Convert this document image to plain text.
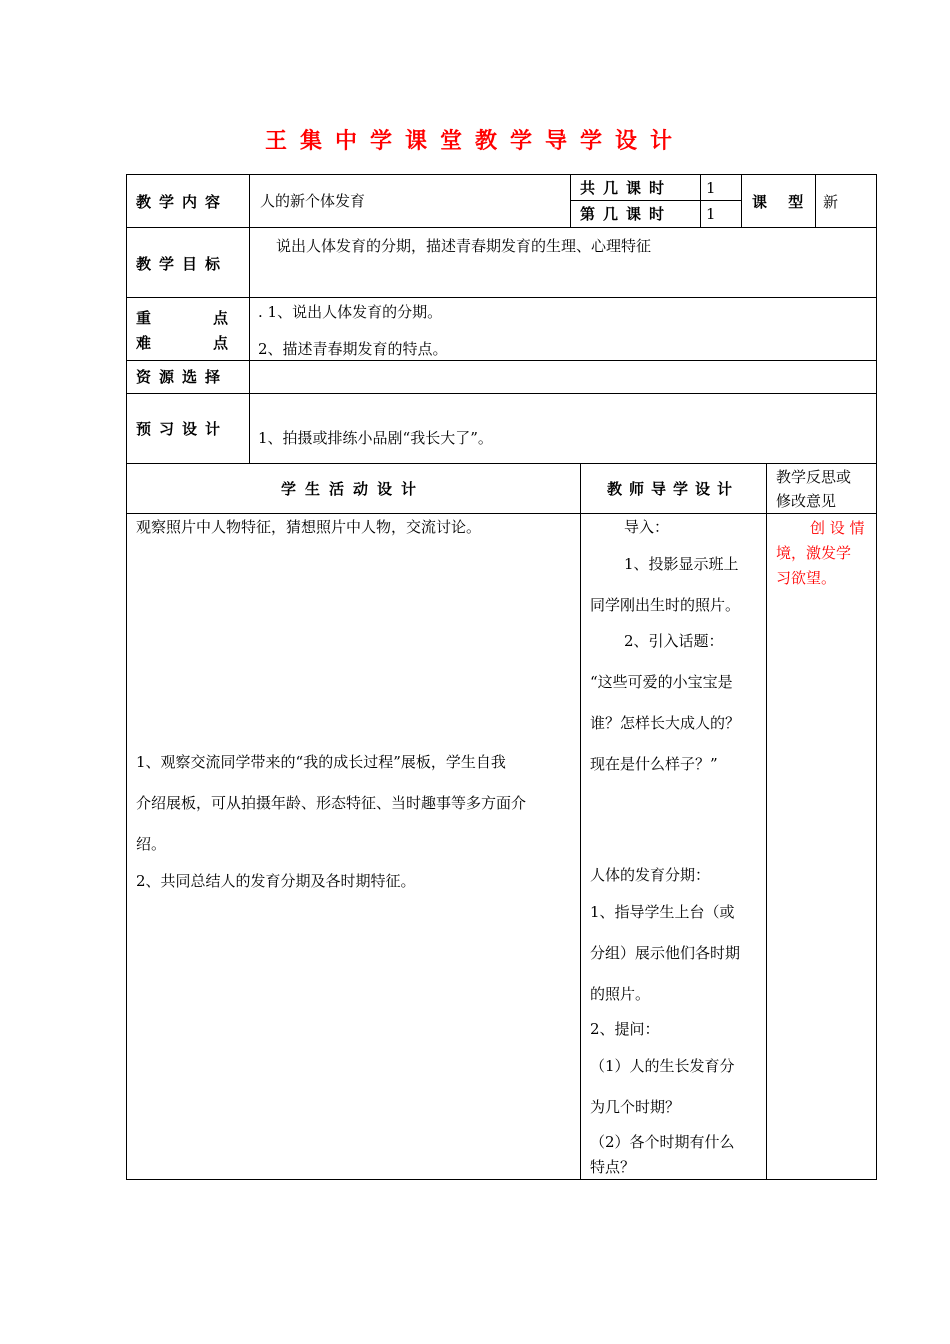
王集中学课堂教学导学设计
教学内容 人的新个体发育
共几课时 1
第几课时 1
课 型 新
教学目标
说出人体发育的分期，描述青春期发育的生理、心理特征
重 点
难 点
. 1、说出人体发育的分期。
2、描述青春期发育的特点。
资源选择
预习设计 1、拍摄或排练小品剧“我长大了”。
学生活动设计	教师导学设计
教学反思或
修改意见
观察照片中人物特征，猜想照片中人物，交流讨论。
1、观察交流同学带来的“我的成长过程”展板，学生自我
介绍展板，可从拍摄年龄、形态特征、当时趣事等多方面介
绍。
2、共同总结人的发育分期及各时期特征。
导入：
1、投影显示班上
同学刚出生时的照片。
2、引入话题：
“这些可爱的小宝宝是
谁？怎样长大成人的？
现在是什么样子？”
人体的发育分期：
1、指导学生上台（或
分组）展示他们各时期
的照片。
2、提问：
（1）人的生长发育分
为几个时期？
（2）各个时期有什么
特点？
创 设 情
境，激发学
习欲望。
